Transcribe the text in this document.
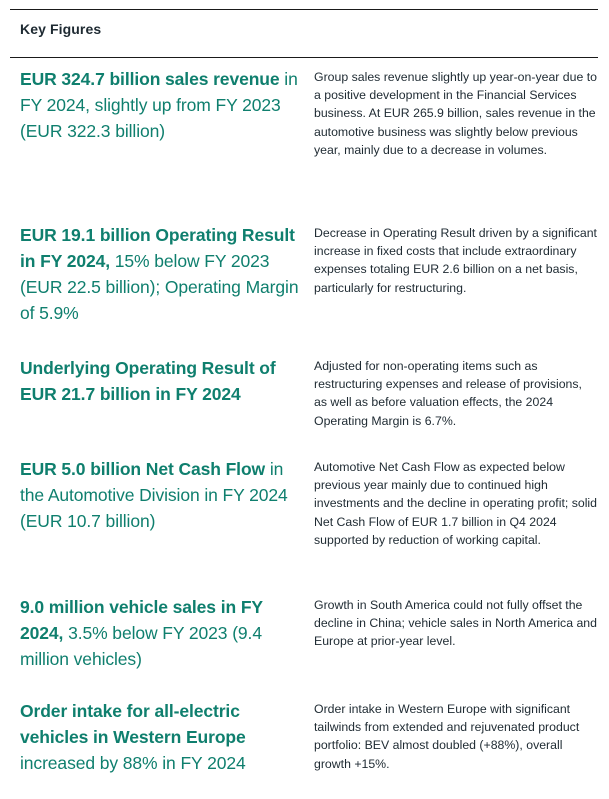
Key Figures
EUR 324.7 billion sales revenue in FY 2024, slightly up from FY 2023 (EUR 322.3 billion)
Group sales revenue slightly up year-on-year due to a positive development in the Financial Services business. At EUR 265.9 billion, sales revenue in the automotive business was slightly below previous year, mainly due to a decrease in volumes.
EUR 19.1 billion Operating Result in FY 2024, 15% below FY 2023 (EUR 22.5 billion); Operating Margin of 5.9%
Decrease in Operating Result driven by a significant increase in fixed costs that include extraordinary expenses totaling EUR 2.6 billion on a net basis, particularly for restructuring.
Underlying Operating Result of EUR 21.7 billion in FY 2024
Adjusted for non-operating items such as restructuring expenses and release of provisions, as well as before valuation effects, the 2024 Operating Margin is 6.7%.
EUR 5.0 billion Net Cash Flow in the Automotive Division in FY 2024 (EUR 10.7 billion)
Automotive Net Cash Flow as expected below previous year mainly due to continued high investments and the decline in operating profit; solid Net Cash Flow of EUR 1.7 billion in Q4 2024 supported by reduction of working capital.
9.0 million vehicle sales in FY 2024, 3.5% below FY 2023 (9.4 million vehicles)
Growth in South America could not fully offset the decline in China; vehicle sales in North America and Europe at prior-year level.
Order intake for all-electric vehicles in Western Europe increased by 88% in FY 2024
Order intake in Western Europe with significant tailwinds from extended and rejuvenated product portfolio: BEV almost doubled (+88%), overall growth +15%.
